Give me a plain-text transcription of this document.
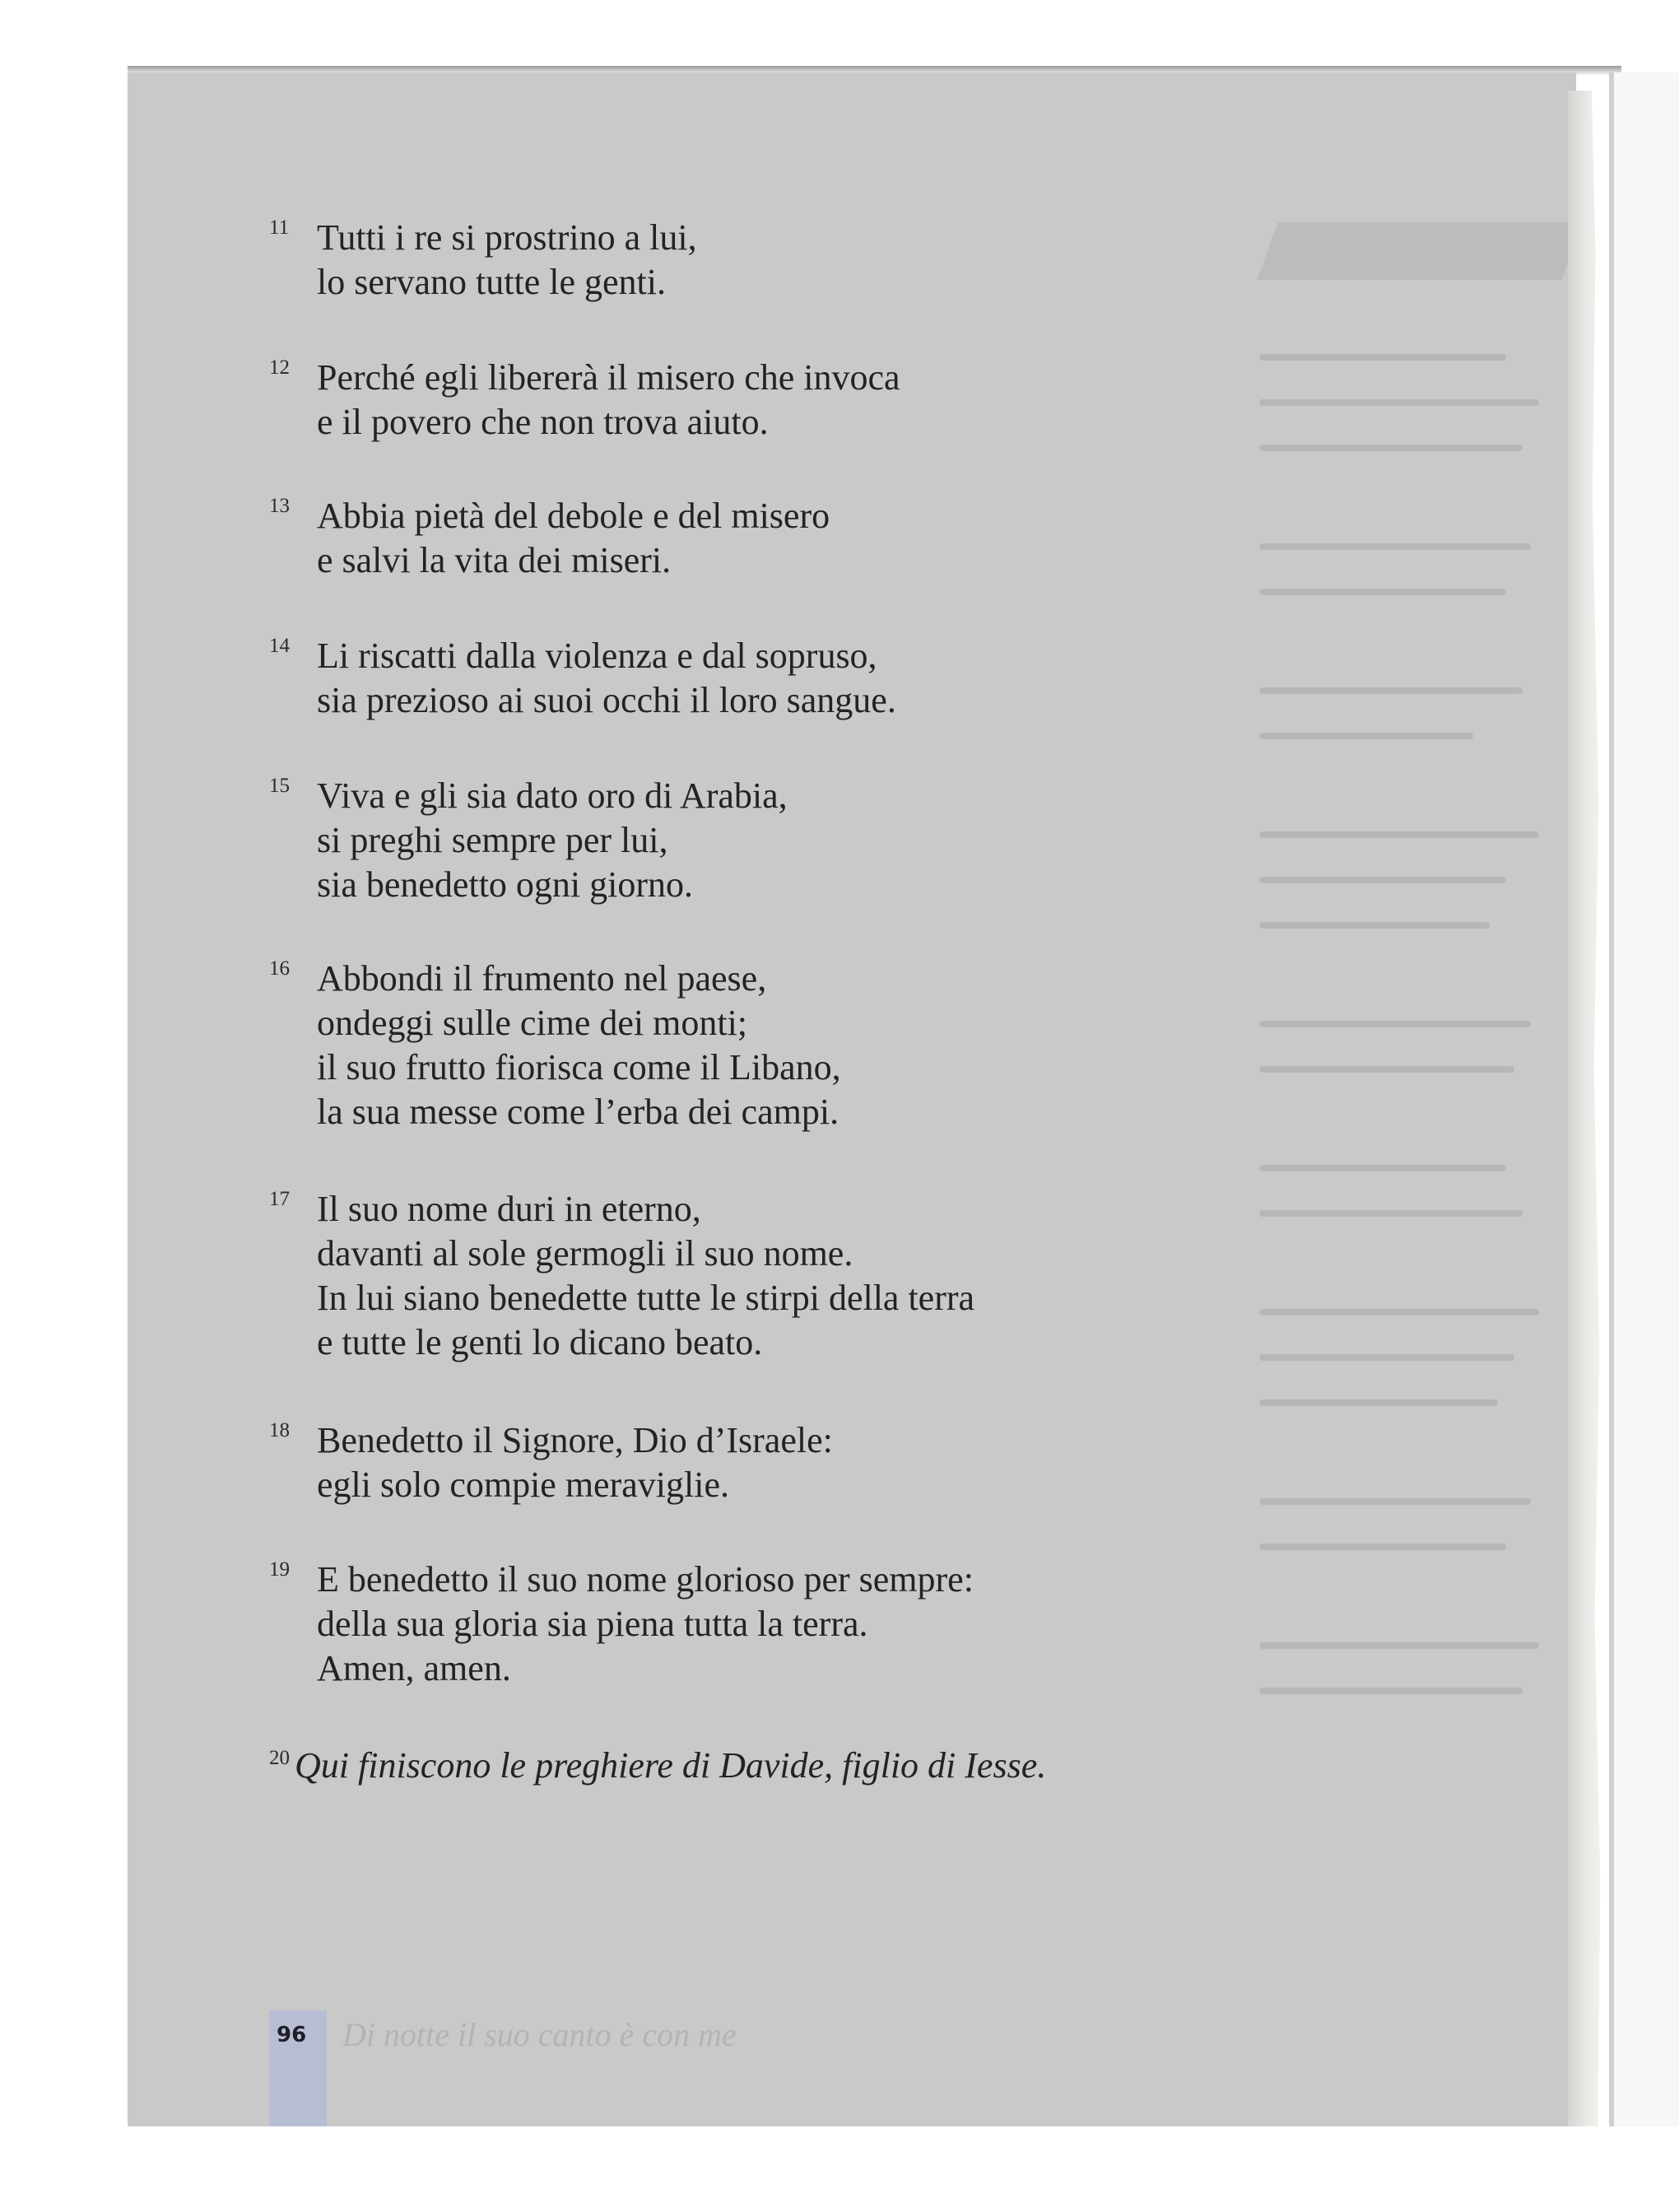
11 Tutti i re si prostrino a lui,
lo servano tutte le genti.
12 Perché egli libererà il misero che invoca
e il povero che non trova aiuto.
13 Abbia pietà del debole e del misero
e salvi la vita dei miseri.
14 Li riscatti dalla violenza e dal sopruso,
sia prezioso ai suoi occhi il loro sangue.
15 Viva e gli sia dato oro di Arabia,
si preghi sempre per lui,
sia benedetto ogni giorno.
16 Abbondi il frumento nel paese,
ondeggi sulle cime dei monti;
il suo frutto fiorisca come il Libano,
la sua messe come l’erba dei campi.
17 Il suo nome duri in eterno,
davanti al sole germogli il suo nome.
In lui siano benedette tutte le stirpi della terra
e tutte le genti lo dicano beato.
18 Benedetto il Signore, Dio d’Israele:
egli solo compie meraviglie.
19 E benedetto il suo nome glorioso per sempre:
della sua gloria sia piena tutta la terra.
Amen, amen.
20 Qui finiscono le preghiere di Davide, figlio di Iesse.
96 Di notte il suo canto è con me
